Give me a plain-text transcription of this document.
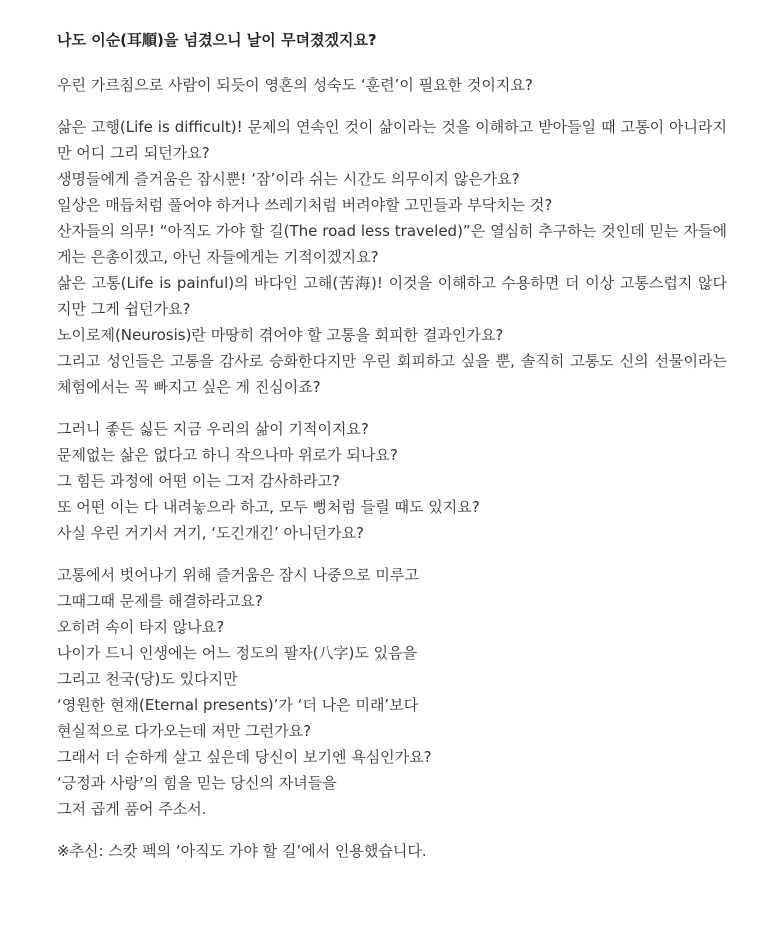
나도 이순(耳順)을 넘겼으니 날이 무뎌졌겠지요?

우린 가르침으로 사람이 되듯이 영혼의 성숙도 ‘훈련’이 필요한 것이지요?

삶은 고행(Life is difficult)! 문제의 연속인 것이 삶이라는 것을 이해하고 받아들일 때 고통이 아니라지만 어디 그리 되던가요?
생명들에게 즐거움은 잠시뿐! ‘잠’이라 쉬는 시간도 의무이지 않은가요?
일상은 매듭처럼 풀어야 하거나 쓰레기처럼 버려야할 고민들과 부닥치는 것?
산자들의 의무! “아직도 가야 할 길(The road less traveled)”은 열심히 추구하는 것인데 믿는 자들에게는 은총이겠고, 아닌 자들에게는 기적이겠지요?
삶은 고통(Life is painful)의 바다인 고해(苦海)! 이것을 이해하고 수용하면 더 이상 고통스럽지 않다지만 그게 쉽던가요?
노이로제(Neurosis)란 마땅히 겪어야 할 고통을 회피한 결과인가요?
그리고 성인들은 고통을 감사로 승화한다지만 우린 회피하고 싶을 뿐, 솔직히 고통도 신의 선물이라는 체험에서는 꼭 빠지고 싶은 게 진심이죠?

그러니 좋든 싫든 지금 우리의 삶이 기적이지요?
문제없는 삶은 없다고 하니 작으나마 위로가 되나요?
그 힘든 과정에 어떤 이는 그저 감사하라고?
또 어떤 이는 다 내려놓으라 하고, 모두 뻥처럼 들릴 때도 있지요?
사실 우린 거기서 거기, ‘도긴개긴’ 아니던가요?

고통에서 벗어나기 위해 즐거움은 잠시 나중으로 미루고
그때그때 문제를 해결하라고요?
오히려 속이 타지 않나요?
나이가 드니 인생에는 어느 정도의 팔자(八字)도 있음을
그리고 천국(당)도 있다지만
‘영원한 현재(Eternal presents)’가 ‘더 나은 미래’보다
현실적으로 다가오는데 저만 그런가요?
그래서 더 순하게 살고 싶은데 당신이 보기엔 욕심인가요?
‘긍정과 사랑’의 힘을 믿는 당신의 자녀들을
그저 곱게 품어 주소서.

※추신: 스캇 펙의 ‘아직도 가야 할 길’에서 인용했습니다.
